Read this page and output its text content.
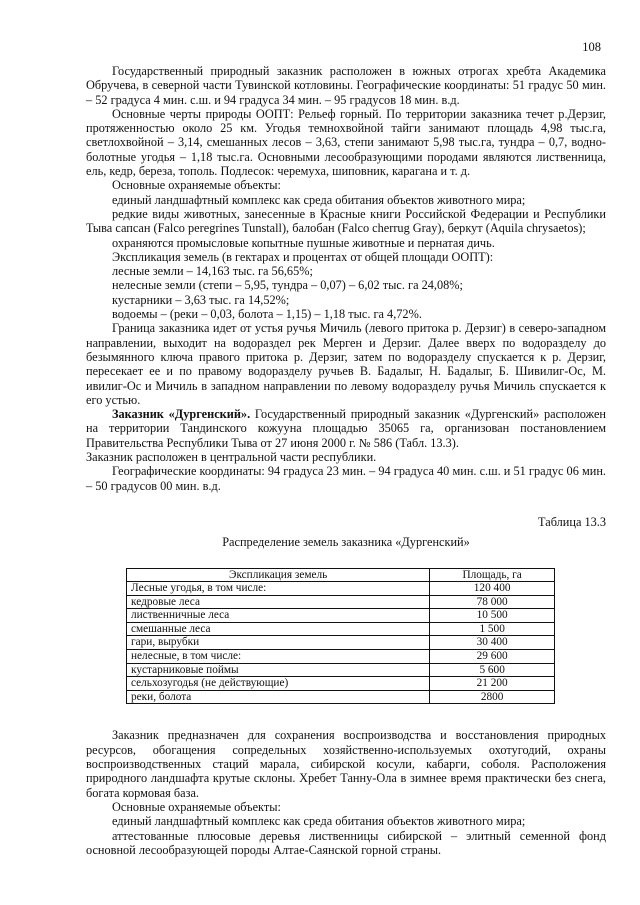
108

Государственный природный заказник расположен в южных отрогах хребта Академика Обручева, в северной части Тувинской котловины. Географические координаты: 51 градус 50 мин. – 52 градуса 4 мин. с.ш. и 94 градуса 34 мин. – 95 градусов 18 мин. в.д.

Основные черты природы ООПТ: Рельеф горный. По территории заказника течет р.Дерзиг, протяженностью около 25 км. Угодья темнохвойной тайги занимают площадь 4,98 тыс.га, светлохвойной – 3,14, смешанных лесов – 3,63, степи занимают 5,98 тыс.га, тундра – 0,7, водно-болотные угодья – 1,18 тыс.га. Основными лесообразующими породами являются лиственница, ель, кедр, береза, тополь. Подлесок: черемуха, шиповник, карагана и т. д.

Основные охраняемые объекты:

единый ландшафтный комплекс как среда обитания объектов животного мира;

редкие виды животных, занесенные в Красные книги Российской Федерации и Республики Тыва сапсан (Falco peregrines Tunstall), балобан (Falco cherrug Gray), беркут (Aquila chrysaetos);

охраняются промысловые копытные пушные животные и пернатая дичь.

Экспликация земель (в гектарах и процентах от общей площади ООПТ):

лесные земли – 14,163 тыс. га 56,65%;

нелесные земли (степи – 5,95, тундра – 0,07) – 6,02 тыс. га 24,08%;

кустарники – 3,63 тыс. га 14,52%;

водоемы – (реки – 0,03, болота – 1,15) – 1,18 тыс. га 4,72%.

Граница заказника идет от устья ручья Мичиль (левого притока р. Дерзиг) в северо-западном направлении, выходит на водораздел рек Мерген и Дерзиг. Далее вверх по водоразделу до безымянного ключа правого притока р. Дерзиг, затем по водоразделу спускается к р. Дерзиг, пересекает ее и по правому водоразделу ручьев В. Бадалыг, Н. Бадалыг, Б. Шивилиг-Ос, М. ивилиг-Ос и Мичиль в западном направлении по левому водоразделу ручья Мичиль спускается к его устью.

Заказник «Дургенский». Государственный природный заказник «Дургенский» расположен на территории Тандинского кожууна площадью 35065 га, организован постановлением Правительства Республики Тыва от 27 июня 2000 г. № 586 (Табл. 13.3).

Заказник расположен в центральной части республики.

Географические координаты: 94 градуса 23 мин. – 94 градуса 40 мин. с.ш. и 51 градус 06 мин. – 50 градусов 00 мин. в.д.

Таблица 13.3
Распределение земель заказника «Дургенский»
Экспликация земель	Площадь, га
Лесные угодья, в том числе:	120 400
кедровые леса	78 000
лиственничные леса	10 500
смешанные леса	1 500
гари, вырубки	30 400
нелесные, в том числе:	29 600
кустарниковые поймы	5 600
сельхозугодья (не действующие)	21 200
реки, болота	2800

Заказник предназначен для сохранения воспроизводства и восстановления природных ресурсов, обогащения сопредельных хозяйственно-используемых охотугодий, охраны воспроизводственных стаций марала, сибирской косули, кабарги, соболя. Расположения природного ландшафта крутые склоны. Хребет Танну-Ола в зимнее время практически без снега, богата кормовая база.

Основные охраняемые объекты:

единый ландшафтный комплекс как среда обитания объектов животного мира;

аттестованные плюсовые деревья лиственницы сибирской – элитный семенной фонд основной лесообразующей породы Алтае-Саянской горной страны.
